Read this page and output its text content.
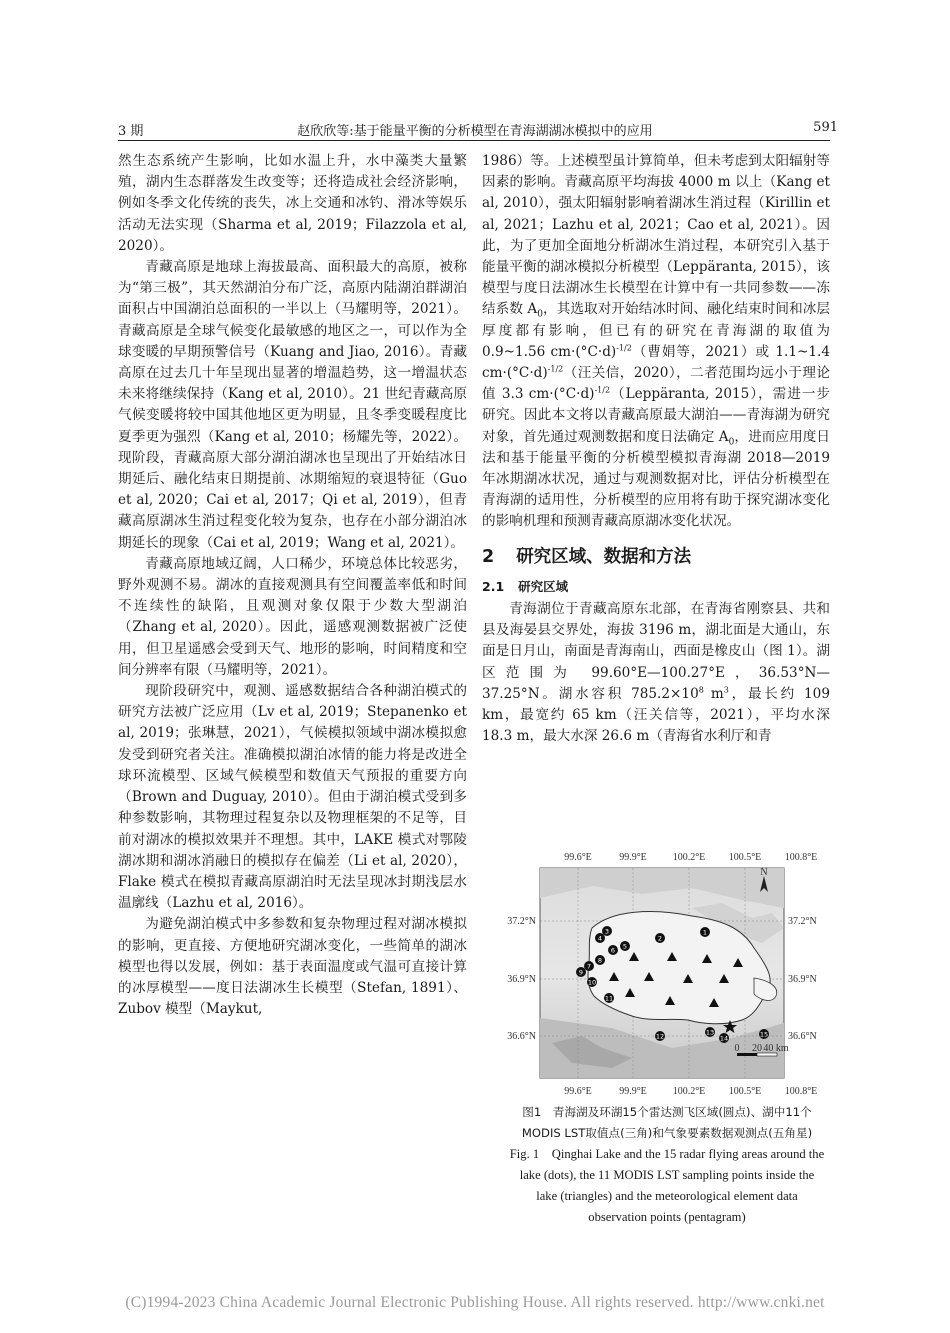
赵欣欣等:基于能量平衡的分析模型在青海湖湖冰模拟中的应用
3 期	591

然生态系统产生影响，比如水温上升，水中藻类大量繁殖，湖内生态群落发生改变等；还将造成社会经济影响，例如冬季文化传统的丧失，冰上交通和冰钓、滑冰等娱乐活动无法实现（Sharma et al, 2019；Filazzola et al, 2020）。

青藏高原是地球上海拔最高、面积最大的高原，被称为“第三极”，其天然湖泊分布广泛，高原内陆湖泊群湖泊面积占中国湖泊总面积的一半以上（马耀明等，2021）。青藏高原是全球气候变化最敏感的地区之一，可以作为全球变暖的早期预警信号（Kuang and Jiao, 2016）。青藏高原在过去几十年呈现出显著的增温趋势，这一增温状态未来将继续保持（Kang et al, 2010）。21 世纪青藏高原气候变暖将较中国其他地区更为明显，且冬季变暖程度比夏季更为强烈（Kang et al, 2010；杨耀先等，2022）。现阶段，青藏高原大部分湖泊湖冰也呈现出了开始结冰日期延后、融化结束日期提前、冰期缩短的衰退特征（Guo et al, 2020；Cai et al, 2017；Qi et al, 2019），但青藏高原湖冰生消过程变化较为复杂，也存在小部分湖泊冰期延长的现象（Cai et al, 2019；Wang et al, 2021）。

青藏高原地域辽阔，人口稀少，环境总体比较恶劣，野外观测不易。湖冰的直接观测具有空间覆盖率低和时间不连续性的缺陷，且观测对象仅限于少数大型湖泊（Zhang et al, 2020）。因此，遥感观测数据被广泛使用，但卫星遥感会受到天气、地形的影响，时间精度和空间分辨率有限（马耀明等，2021）。

现阶段研究中，观测、遥感数据结合各种湖泊模式的研究方法被广泛应用（Lv et al, 2019；Stepanenko et al, 2019；张琳慧，2021），气候模拟领域中湖冰模拟愈发受到研究者关注。准确模拟湖泊冰情的能力将是改进全球环流模型、区域气候模型和数值天气预报的重要方向（Brown and Duguay, 2010）。但由于湖泊模式受到多种参数影响，其物理过程复杂以及物理框架的不足等，目前对湖冰的模拟效果并不理想。其中，LAKE 模式对鄂陵湖冰期和湖冰消融日的模拟存在偏差（Li et al, 2020），Flake 模式在模拟青藏高原湖泊时无法呈现冰封期浅层水温廓线（Lazhu et al, 2016）。

为避免湖泊模式中多参数和复杂物理过程对湖冰模拟的影响，更直接、方便地研究湖冰变化，一些简单的湖冰模型也得以发展，例如：基于表面温度或气温可直接计算的冰厚模型——度日法湖冰生长模型（Stefan, 1891）、Zubov 模型（Maykut,

1986）等。上述模型虽计算简单，但未考虑到太阳辐射等因素的影响。青藏高原平均海拔 4000 m 以上（Kang et al, 2010），强太阳辐射影响着湖冰生消过程（Kirillin et al, 2021；Lazhu et al, 2021；Cao et al, 2021）。因此，为了更加全面地分析湖冰生消过程，本研究引入基于能量平衡的湖冰模拟分析模型（Leppäranta, 2015），该模型与度日法湖冰生长模型在计算中有一共同参数——冻结系数 $A_0$，其选取对开始结冰时间、融化结束时间和冰层厚度都有影响，但已有的研究在青海湖的取值为 0.9~1.56 $cm\cdot(^\circ C\cdot d)^{-1/2}$（曹娟等，2021）或 1.1~1.4 $cm\cdot(^\circ C\cdot d)^{-1/2}$（汪关信，2020），二者范围均远小于理论值 3.3 $cm\cdot(^\circ C\cdot d)^{-1/2}(Leppäranta$, 2015），需进一步研究。因此本文将以青藏高原最大湖泊——青海湖为研究对象，首先通过观测数据和度日法确定 $A_0$，进而应用度日法和基于能量平衡的分析模型模拟青海湖 2018—2019 年冰期湖冰状况，通过与观测数据对比，评估分析模型在青海湖的适用性，分析模型的应用将有助于探究湖冰变化的影响机理和预测青藏高原湖冰变化状况。

2 研究区域、数据和方法

2.1 研究区域

青海湖位于青藏高原东北部，在青海省刚察县、共和县及海晏县交界处，海拔 3196 m，湖北面是大通山，东面是日月山，南面是青海南山，西面是橡皮山（图 1）。湖区范围为 99.60°E—100.27°E，36.53°N—37.25°N。湖水容积 $785.2\times 10^8$ $m^3$，最长约 109 km，最宽约 65 km（汪关信等，2021），平均水深 18.3 m，最大水深 26.6 m（青海省水利厅和青

99.6°E	99.9°E	100.2°E 100.5°E 100.8°E
37.2°N
36.9°N
36.6°N
37.2°N
36.9°N
36.6°N
N
0 20 40 km
1
2
3
4
5
6
7
8
9
10
11
12	13
14	15
99.6°E	99.9°E	100.2°E 100.5°E 100.8°E
图1　青海湖及环湖15个雷达测飞区域(圆点)、湖中11个
MODIS LST取值点(三角)和气象要素数据观测点(五角星)
Fig. 1　Qinghai Lake and the 15 radar flying areas around the
lake (dots), the 11 MODIS LST sampling points inside the
lake (triangles) and the meteorological element data
observation points (pentagram)
(C)1994-2023 China Academic Journal Electronic Publishing House. All rights reserved. http://www.cnki.net
